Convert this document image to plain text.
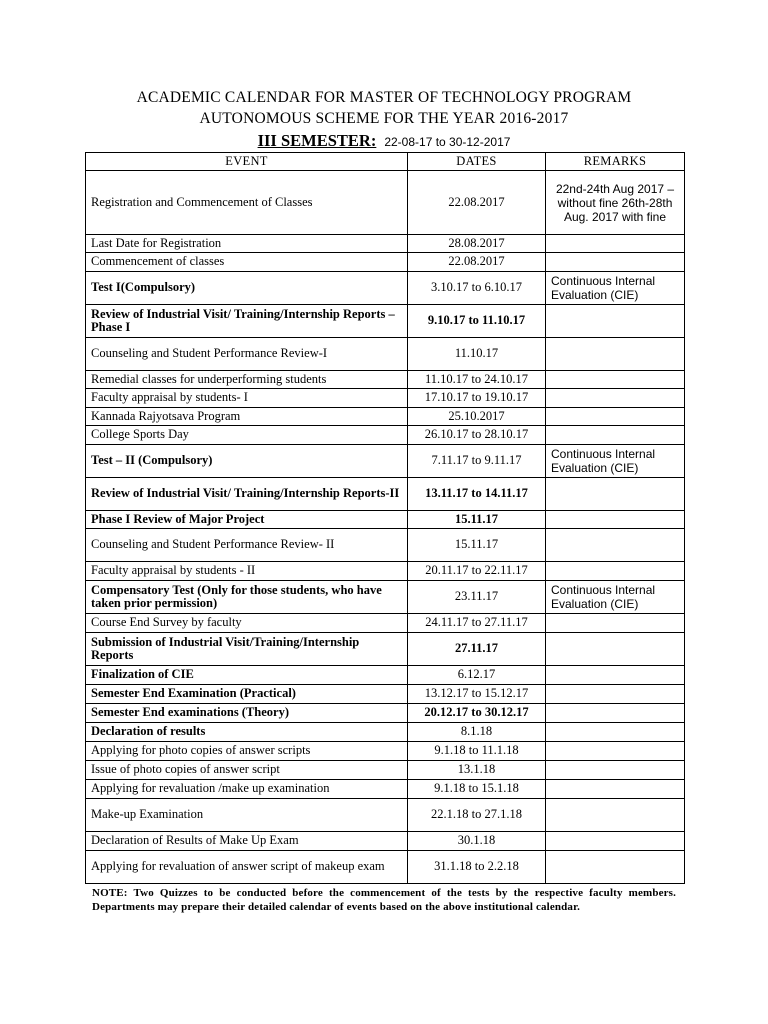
ACADEMIC CALENDAR FOR MASTER OF TECHNOLOGY PROGRAM
AUTONOMOUS SCHEME FOR THE YEAR 2016-2017
III SEMESTER: 22-08-17 to 30-12-2017
EVENT	DATES	REMARKS
Registration and Commencement of Classes	22.08.2017	22nd-24th Aug 2017 – without fine 26th-28th Aug. 2017 with fine
Last Date for Registration	28.08.2017	
Commencement of classes	22.08.2017	
Test I(Compulsory)	3.10.17 to 6.10.17	Continuous Internal Evaluation (CIE)
Review of Industrial Visit/ Training/Internship Reports – Phase I	9.10.17 to 11.10.17	
Counseling and Student Performance Review-I	11.10.17	
Remedial classes for underperforming students	11.10.17 to 24.10.17	
Faculty appraisal by students- I	17.10.17 to 19.10.17	
Kannada Rajyotsava Program	25.10.2017	
College Sports Day	26.10.17 to 28.10.17	
Test – II (Compulsory)	7.11.17 to 9.11.17	Continuous Internal Evaluation (CIE)
Review of Industrial Visit/ Training/Internship Reports-II	13.11.17 to 14.11.17	
Phase I Review of Major Project	15.11.17	
Counseling and Student Performance Review- II	15.11.17	
Faculty appraisal by students - II	20.11.17 to 22.11.17	
Compensatory Test (Only for those students, who have taken prior permission)	23.11.17	Continuous Internal Evaluation (CIE)
Course End Survey by faculty	24.11.17 to 27.11.17	
Submission of Industrial Visit/Training/Internship Reports	27.11.17	
Finalization of CIE	6.12.17	
Semester End Examination (Practical)	13.12.17 to 15.12.17	
Semester End examinations (Theory)	20.12.17 to 30.12.17	
Declaration of results	8.1.18	
Applying for photo copies of answer scripts	9.1.18 to 11.1.18	
Issue of photo copies of answer script	13.1.18	
Applying for revaluation /make up examination	9.1.18 to 15.1.18	
Make-up Examination	22.1.18 to 27.1.18	
Declaration of Results of Make Up Exam	30.1.18	
Applying for revaluation of answer script of makeup exam	31.1.18 to 2.2.18	
NOTE: Two Quizzes to be conducted before the commencement of the tests by the respective faculty members. Departments may prepare their detailed calendar of events based on the above institutional calendar.
